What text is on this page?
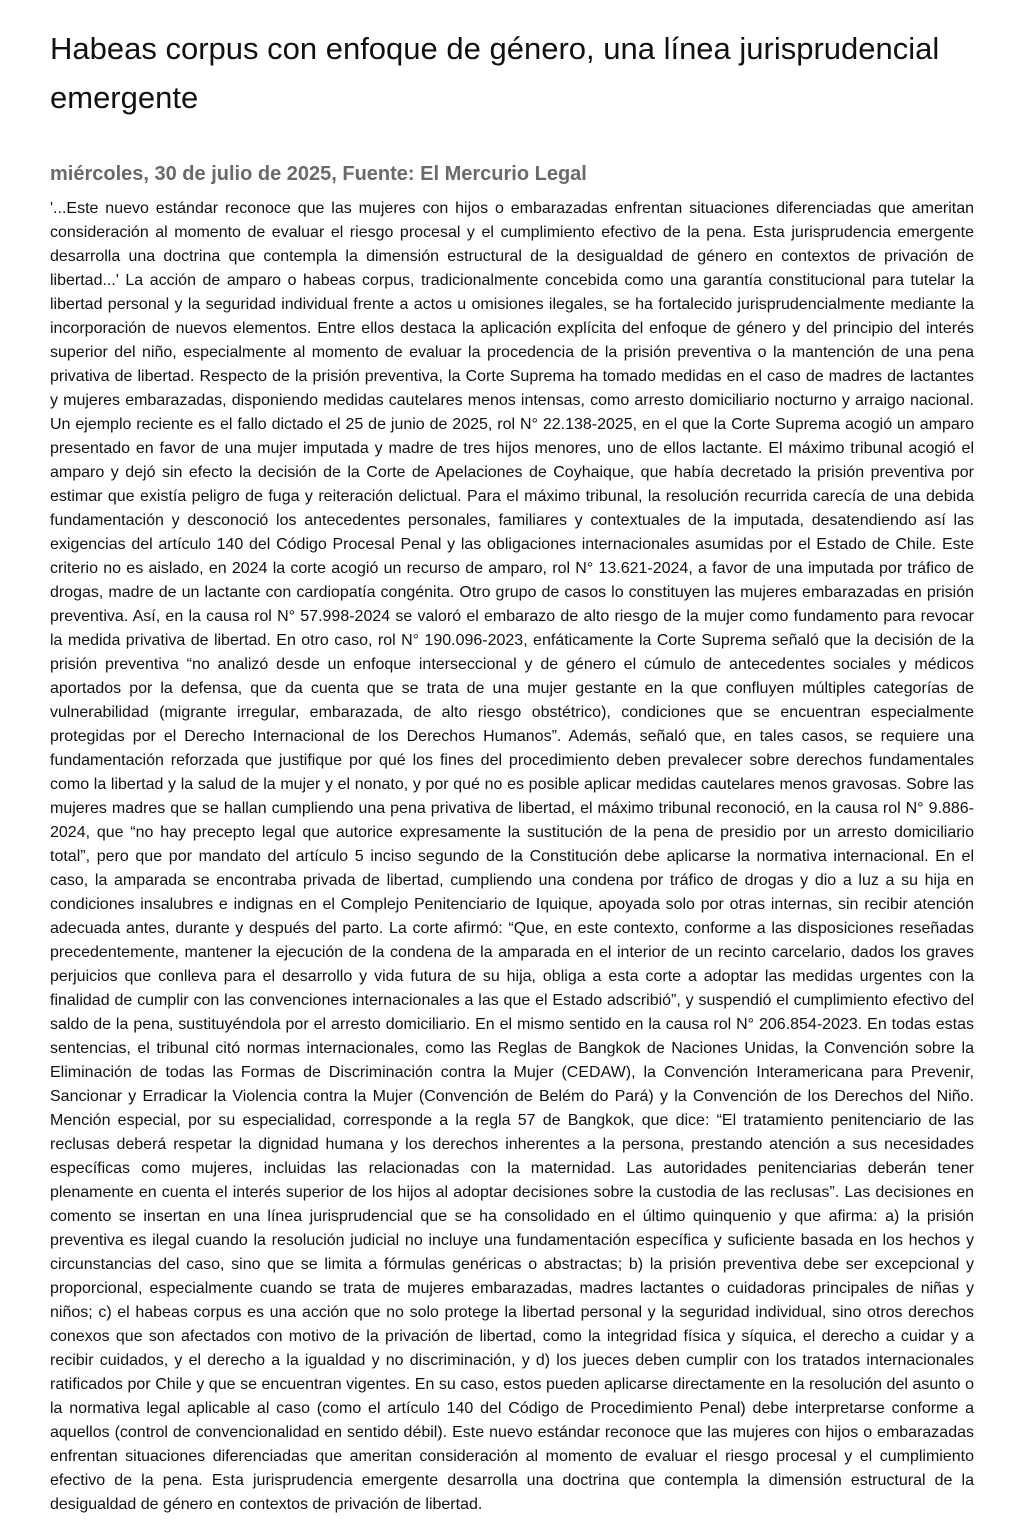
Habeas corpus con enfoque de género, una línea jurisprudencial emergente
miércoles, 30 de julio de 2025, Fuente: El Mercurio Legal

'...Este nuevo estándar reconoce que las mujeres con hijos o embarazadas enfrentan situaciones diferenciadas que ameritan consideración al momento de evaluar el riesgo procesal y el cumplimiento efectivo de la pena. Esta jurisprudencia emergente desarrolla una doctrina que contempla la dimensión estructural de la desigualdad de género en contextos de privación de libertad...' La acción de amparo o habeas corpus, tradicionalmente concebida como una garantía constitucional para tutelar la libertad personal y la seguridad individual frente a actos u omisiones ilegales, se ha fortalecido jurisprudencialmente mediante la incorporación de nuevos elementos. Entre ellos destaca la aplicación explícita del enfoque de género y del principio del interés superior del niño, especialmente al momento de evaluar la procedencia de la prisión preventiva o la mantención de una pena privativa de libertad. Respecto de la prisión preventiva, la Corte Suprema ha tomado medidas en el caso de madres de lactantes y mujeres embarazadas, disponiendo medidas cautelares menos intensas, como arresto domiciliario nocturno y arraigo nacional. Un ejemplo reciente es el fallo dictado el 25 de junio de 2025, rol N° 22.138-2025, en el que la Corte Suprema acogió un amparo presentado en favor de una mujer imputada y madre de tres hijos menores, uno de ellos lactante. El máximo tribunal acogió el amparo y dejó sin efecto la decisión de la Corte de Apelaciones de Coyhaique, que había decretado la prisión preventiva por estimar que existía peligro de fuga y reiteración delictual. Para el máximo tribunal, la resolución recurrida carecía de una debida fundamentación y desconoció los antecedentes personales, familiares y contextuales de la imputada, desatendiendo así las exigencias del artículo 140 del Código Procesal Penal y las obligaciones internacionales asumidas por el Estado de Chile. Este criterio no es aislado, en 2024 la corte acogió un recurso de amparo, rol N° 13.621-2024, a favor de una imputada por tráfico de drogas, madre de un lactante con cardiopatía congénita. Otro grupo de casos lo constituyen las mujeres embarazadas en prisión preventiva. Así, en la causa rol N° 57.998-2024 se valoró el embarazo de alto riesgo de la mujer como fundamento para revocar la medida privativa de libertad. En otro caso, rol N° 190.096-2023, enfáticamente la Corte Suprema señaló que la decisión de la prisión preventiva “no analizó desde un enfoque interseccional y de género el cúmulo de antecedentes sociales y médicos aportados por la defensa, que da cuenta que se trata de una mujer gestante en la que confluyen múltiples categorías de vulnerabilidad (migrante irregular, embarazada, de alto riesgo obstétrico), condiciones que se encuentran especialmente protegidas por el Derecho Internacional de los Derechos Humanos”. Además, señaló que, en tales casos, se requiere una fundamentación reforzada que justifique por qué los fines del procedimiento deben prevalecer sobre derechos fundamentales como la libertad y la salud de la mujer y el nonato, y por qué no es posible aplicar medidas cautelares menos gravosas. Sobre las mujeres madres que se hallan cumpliendo una pena privativa de libertad, el máximo tribunal reconoció, en la causa rol N° 9.886-2024, que “no hay precepto legal que autorice expresamente la sustitución de la pena de presidio por un arresto domiciliario total”, pero que por mandato del artículo 5 inciso segundo de la Constitución debe aplicarse la normativa internacional. En el caso, la amparada se encontraba privada de libertad, cumpliendo una condena por tráfico de drogas y dio a luz a su hija en condiciones insalubres e indignas en el Complejo Penitenciario de Iquique, apoyada solo por otras internas, sin recibir atención adecuada antes, durante y después del parto. La corte afirmó: “Que, en este contexto, conforme a las disposiciones reseñadas precedentemente, mantener la ejecución de la condena de la amparada en el interior de un recinto carcelario, dados los graves perjuicios que conlleva para el desarrollo y vida futura de su hija, obliga a esta corte a adoptar las medidas urgentes con la finalidad de cumplir con las convenciones internacionales a las que el Estado adscribió”, y suspendió el cumplimiento efectivo del saldo de la pena, sustituyéndola por el arresto domiciliario. En el mismo sentido en la causa rol N° 206.854-2023. En todas estas sentencias, el tribunal citó normas internacionales, como las Reglas de Bangkok de Naciones Unidas, la Convención sobre la Eliminación de todas las Formas de Discriminación contra la Mujer (CEDAW), la Convención Interamericana para Prevenir, Sancionar y Erradicar la Violencia contra la Mujer (Convención de Belém do Pará) y la Convención de los Derechos del Niño. Mención especial, por su especialidad, corresponde a la regla 57 de Bangkok, que dice: “El tratamiento penitenciario de las reclusas deberá respetar la dignidad humana y los derechos inherentes a la persona, prestando atención a sus necesidades específicas como mujeres, incluidas las relacionadas con la maternidad. Las autoridades penitenciarias deberán tener plenamente en cuenta el interés superior de los hijos al adoptar decisiones sobre la custodia de las reclusas”. Las decisiones en comento se insertan en una línea jurisprudencial que se ha consolidado en el último quinquenio y que afirma: a) la prisión preventiva es ilegal cuando la resolución judicial no incluye una fundamentación específica y suficiente basada en los hechos y circunstancias del caso, sino que se limita a fórmulas genéricas o abstractas; b) la prisión preventiva debe ser excepcional y proporcional, especialmente cuando se trata de mujeres embarazadas, madres lactantes o cuidadoras principales de niñas y niños; c) el habeas corpus es una acción que no solo protege la libertad personal y la seguridad individual, sino otros derechos conexos que son afectados con motivo de la privación de libertad, como la integridad física y síquica, el derecho a cuidar y a recibir cuidados, y el derecho a la igualdad y no discriminación, y d) los jueces deben cumplir con los tratados internacionales ratificados por Chile y que se encuentran vigentes. En su caso, estos pueden aplicarse directamente en la resolución del asunto o la normativa legal aplicable al caso (como el artículo 140 del Código de Procedimiento Penal) debe interpretarse conforme a aquellos (control de convencionalidad en sentido débil). Este nuevo estándar reconoce que las mujeres con hijos o embarazadas enfrentan situaciones diferenciadas que ameritan consideración al momento de evaluar el riesgo procesal y el cumplimiento efectivo de la pena. Esta jurisprudencia emergente desarrolla una doctrina que contempla la dimensión estructural de la desigualdad de género en contextos de privación de libertad.
